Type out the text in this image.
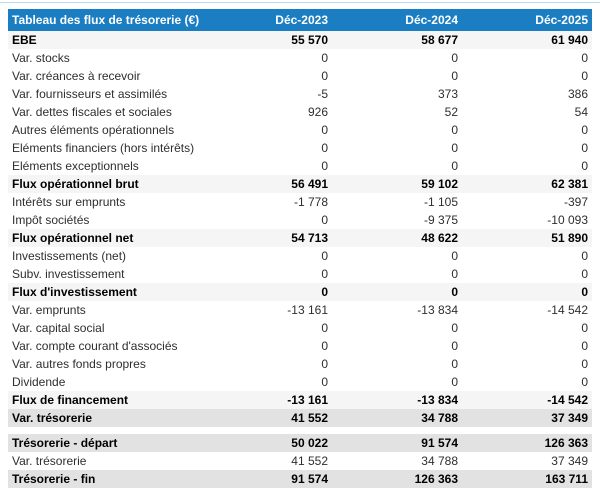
Tableau des flux de trésorerie (€)	Déc-2023	Déc-2024	Déc-2025
EBE	55 570	58 677	61 940
Var. stocks	0	0	0
Var. créances à recevoir	0	0	0
Var. fournisseurs et assimilés	-5	373	386
Var. dettes fiscales et sociales	926	52	54
Autres éléments opérationnels	0	0	0
Eléments financiers (hors intérêts)	0	0	0
Eléments exceptionnels	0	0	0
Flux opérationnel brut	56 491	59 102	62 381
Intérêts sur emprunts	-1 778	-1 105	-397
Impôt sociétés	0	-9 375	-10 093
Flux opérationnel net	54 713	48 622	51 890
Investissements (net)	0	0	0
Subv. investissement	0	0	0
Flux d'investissement	0	0	0
Var. emprunts	-13 161	-13 834	-14 542
Var. capital social	0	0	0
Var. compte courant d'associés	0	0	0
Var. autres fonds propres	0	0	0
Dividende	0	0	0
Flux de financement	-13 161	-13 834	-14 542
Var. trésorerie	41 552	34 788	37 349
Trésorerie - départ	50 022	91 574	126 363
Var. trésorerie	41 552	34 788	37 349
Trésorerie - fin	91 574	126 363	163 711
